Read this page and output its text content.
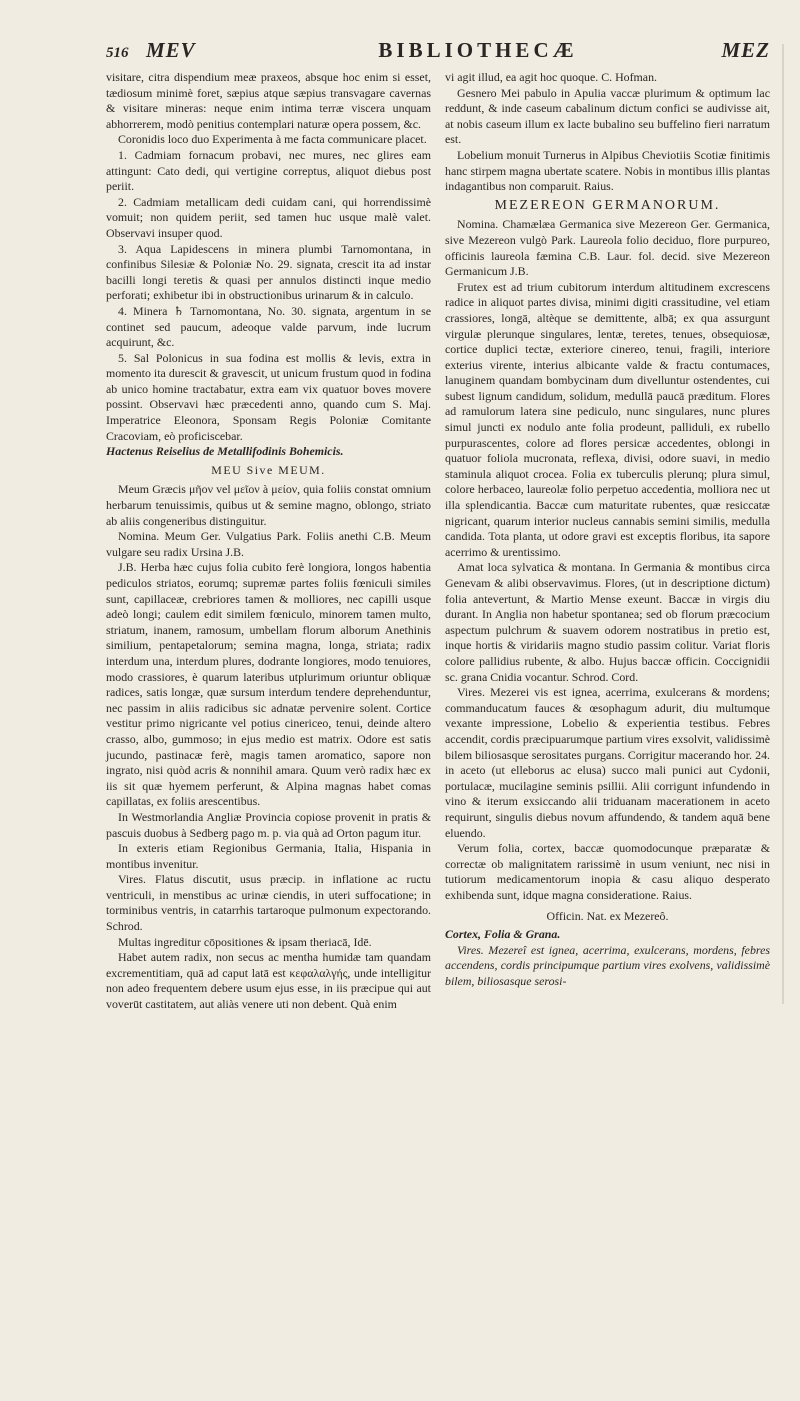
516 MEV	BIBLIOTHECÆ	MEZ

visitare, citra dispendium meæ praxeos, absque hoc enim si esset, tædiosum minimè foret, sæpius atque sæpius transvagare cavernas & visitare mineras: neque enim intima terræ viscera unquam abhorrerem, modò penitius contemplari naturæ opera possem, &c.

Coronidis loco duo Experimenta à me facta communicare placet.

1. Cadmiam fornacum probavi, nec mures, nec glires eam attingunt: Cato dedi, qui vertigine correptus, aliquot diebus post periit.

2. Cadmiam metallicam dedi cuidam cani, qui horrendissimè vomuit; non quidem periit, sed tamen huc usque malè valet. Observavi insuper quod.

3. Aqua Lapidescens in minera plumbi Tarnomontana, in confinibus Silesiæ & Poloniæ No. 29. signata, crescit ita ad instar bacilli longi teretis & quasi per annulos distincti inque medio perforati; exhibetur ibi in obstructionibus urinarum & in calculo.

4. Minera ♄ Tarnomontana, No. 30. signata, argentum in se continet sed paucum, adeoque valde parvum, inde lucrum acquirunt, &c.

5. Sal Polonicus in sua fodina est mollis & levis, extra in momento ita durescit & gravescit, ut unicum frustum quod in fodina ab unico homine tractabatur, extra eam vix quatuor boves movere possint. Observavi hæc præcedenti anno, quando cum S. Maj. Imperatrice Eleonora, Sponsam Regis Poloniæ Comitante Cracoviam, eò proficiscebar.

Hactenus Reiselius de Metallifodinis Bohemicis.

MEU Sive MEUM.

Meum Græcis μῆον vel μεῖον à μείον, quia foliis constat omnium herbarum tenuissimis, quibus ut & semine magno, oblongo, striato ab aliis congeneribus distinguitur.

Nomina. Meum Ger. Vulgatius Park. Foliis anethi C.B. Meum vulgare seu radix Ursina J.B.

J.B. Herba hæc cujus folia cubito ferè longiora, longos habentia pediculos striatos, eorumq; supremæ partes foliis fœniculi similes sunt, capillaceæ, crebriores tamen & molliores, nec capilli usque adeò longi; caulem edit similem fœniculo, minorem tamen multo, striatum, inanem, ramosum, umbellam florum alborum Anethinis similium, pentapetalorum; semina magna, longa, striata; radix interdum una, interdum plures, dodrante longiores, modo tenuiores, modo crassiores, è quarum lateribus utplurimum oriuntur obliquæ radices, satis longæ, quæ sursum interdum tendere deprehenduntur, nec passim in aliis radicibus sic adnatæ pervenire solent. Cortice vestitur primo nigricante vel potius cinericeo, tenui, deinde altero crasso, albo, gummoso; in ejus medio est matrix. Odore est satis jucundo, pastinacæ ferè, magis tamen aromatico, sapore non ingrato, nisi quòd acris & nonnihil amara. Quum verò radix hæc ex iis sit quæ hyemem perferunt, & Alpina magnas habet comas capillatas, ex foliis arescentibus.

In Westmorlandia Angliæ Provincia copiose provenit in pratis & pascuis duobus à Sedberg pago m. p. via quà ad Orton pagum itur.

In exteris etiam Regionibus Germania, Italia, Hispania in montibus invenitur.

Vires. Flatus discutit, usus præcip. in inflatione ac ructu ventriculi, in menstibus ac urinæ ciendis, in uteri suffocatione; in torminibus ventris, in catarrhis tartaroque pulmonum expectorando. Schrod.

Multas ingreditur cōpositiones & ipsam theriacā, Idē.

Habet autem radix, non secus ac mentha humidæ tam quandam excrementitiam, quā ad caput latā est κεφαλαλγής, unde intelligitur non adeo frequentem debere usum ejus esse, in iis præcipue qui aut voverūt castitatem, aut aliàs venere uti non debent. Quà enim

vi agit illud, ea agit hoc quoque. C. Hofman.

Gesnero Mei pabulo in Apulia vaccæ plurimum & optimum lac reddunt, & inde caseum cabalinum dictum confici se audivisse ait, at nobis caseum illum ex lacte bubalino seu buffelino fieri narratum est.

Lobelium monuit Turnerus in Alpibus Cheviotiis Scotiæ finitimis hanc stirpem magna ubertate scatere. Nobis in montibus illis plantas indagantibus non comparuit. Raius.

MEZEREON GERMANORUM.

Nomina. Chamælæa Germanica sive Mezereon Ger. Germanica, sive Mezereon vulgò Park. Laureola folio deciduo, flore purpureo, officinis laureola fæmina C.B. Laur. fol. decid. sive Mezereon Germanicum J.B.

Frutex est ad trium cubitorum interdum altitudinem excrescens radice in aliquot partes divisa, minimi digiti crassitudine, vel etiam crassiores, longā, altèque se demittente, albā; ex qua assurgunt virgulæ plerunque singulares, lentæ, teretes, tenues, obsequiosæ, cortice duplici tectæ, exteriore cinereo, tenui, fragili, interiore exterius virente, interius albicante valde & fractu contumaces, lanuginem quandam bombycinam dum divelluntur ostendentes, cui subest lignum candidum, solidum, medullā paucā præditum. Flores ad ramulorum latera sine pediculo, nunc singulares, nunc plures simul juncti ex nodulo ante folia prodeunt, palliduli, ex rubello purpurascentes, colore ad flores persicæ accedentes, oblongi in quatuor foliola mucronata, reflexa, divisi, odore suavi, in medio staminula aliquot crocea. Folia ex tuberculis plerunq; plura simul, colore herbaceo, laureolæ folio perpetuo accedentia, molliora nec ut illa splendicantia. Baccæ cum maturitate rubentes, quæ resiccatæ nigricant, quarum interior nucleus cannabis semini similis, medulla candida. Tota planta, ut odore gravi est exceptis floribus, ita sapore acerrimo & urentissimo.

Amat loca sylvatica & montana. In Germania & montibus circa Genevam & alibi observavimus. Flores, (ut in descriptione dictum) folia antevertunt, & Martio Mense exeunt. Baccæ in virgis diu durant. In Anglia non habetur spontanea; sed ob florum præcocium aspectum pulchrum & suavem odorem nostratibus in pretio est, inque hortis & viridariis magno studio passim colitur. Variat floris colore pallidius rubente, & albo. Hujus baccæ officin. Coccignidii sc. grana Cnidia vocantur. Schrod. Cord.

Vires. Mezerei vis est ignea, acerrima, exulcerans & mordens; commanducatum fauces & œsophagum adurit, diu multumque vexante impressione, Lobelio & experientia testibus. Febres accendit, cordis præcipuarumque partium vires exsolvit, validissimè bilem biliosasque serositates purgans. Corrigitur macerando hor. 24. in aceto (ut elleborus ac elusa) succo mali punici aut Cydonii, portulacæ, mucilagine seminis psillii. Alii corrigunt infundendo in vino & iterum exsiccando alii triduanam macerationem in aceto requirunt, singulis diebus novum affundendo, & tandem aquā bene eluendo.

Verum folia, cortex, baccæ quomodocunque præparatæ & correctæ ob malignitatem rarissimè in usum veniunt, nec nisi in tutiorum medicamentorum inopia & casu aliquo desperato exhibenda sunt, idque magna consideratione. Raius.

Officin. Nat. ex Mezereô.

Cortex, Folia & Grana.

Vires. Mezereî est ignea, acerrima, exulcerans, mordens, febres accendens, cordis principumque partium vires exolvens, validissimè bilem, biliosasque serosi-
